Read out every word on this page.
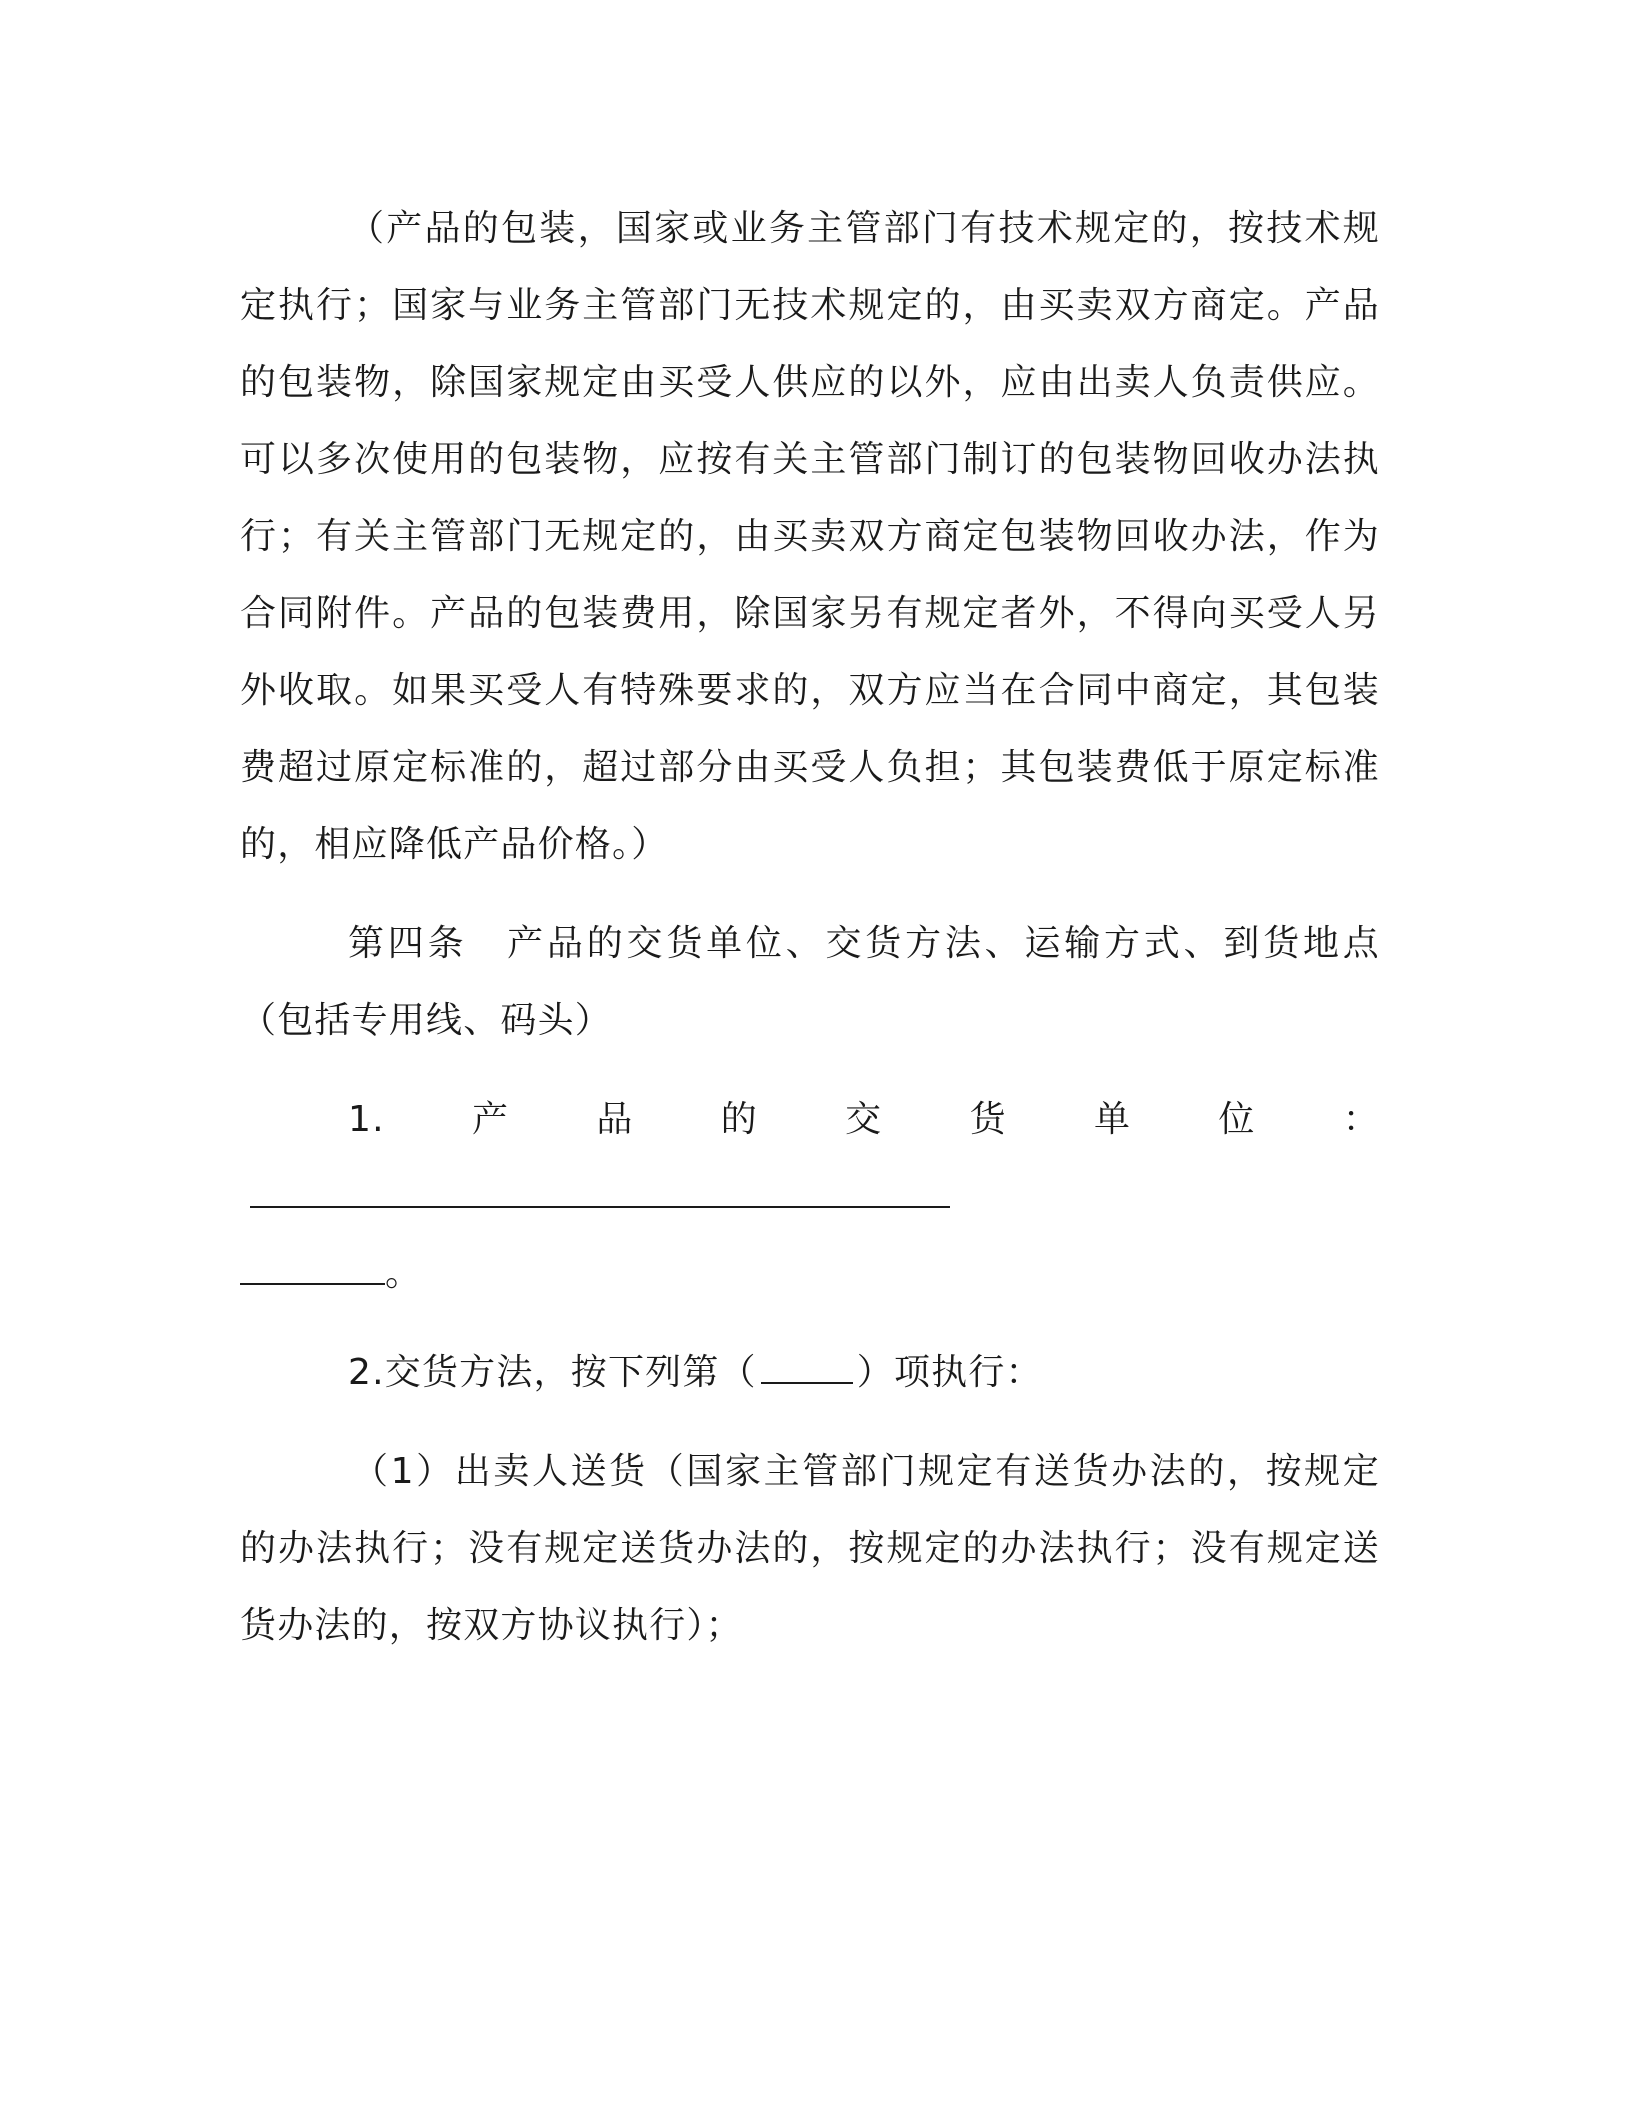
（产品的包装，国家或业务主管部门有技术规定的，按技术规定执行；国家与业务主管部门无技术规定的，由买卖双方商定。产品的包装物，除国家规定由买受人供应的以外，应由出卖人负责供应。可以多次使用的包装物，应按有关主管部门制订的包装物回收办法执行；有关主管部门无规定的，由买卖双方商定包装物回收办法，作为合同附件。产品的包装费用，除国家另有规定者外，不得向买受人另外收取。如果买受人有特殊要求的，双方应当在合同中商定，其包装费超过原定标准的，超过部分由买受人负担；其包装费低于原定标准的，相应降低产品价格。）

第四条　产品的交货单位、交货方法、运输方式、到货地点（包括专用线、码头）

1.产品的交货单位：

。

2.交货方法，按下列第（	）项执行：

（1）出卖人送货（国家主管部门规定有送货办法的，按规定的办法执行；没有规定送货办法的，按规定的办法执行；没有规定送货办法的，按双方协议执行）；
